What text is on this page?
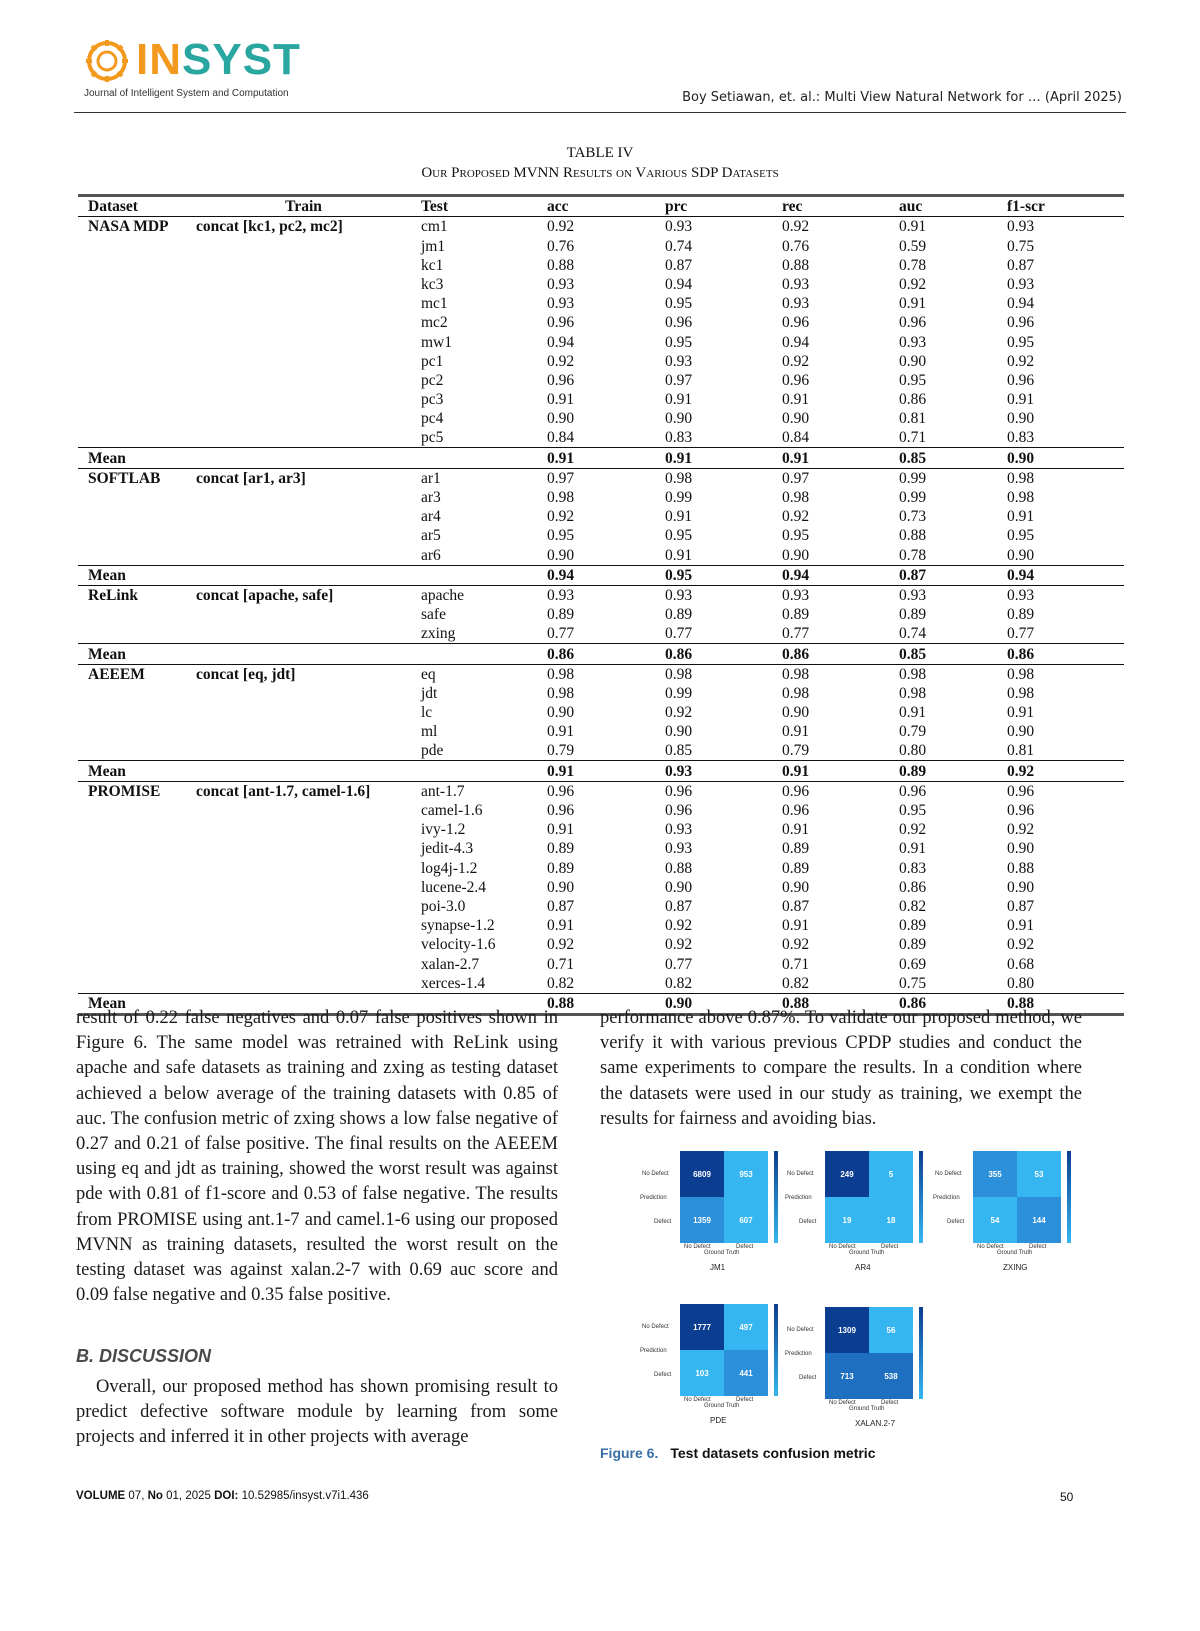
INSYST
Journal of Intelligent System and Computation	Boy Setiawan, et. al.: Multi View Natural Network for … (April 2025)
TABLE IV
Our Proposed MVNN Results on Various SDP Datasets
Dataset	Train	Test	acc	prc	rec	auc	f1-scr
NASA MDP	concat [kc1, pc2, mc2]	cm1	0.92	0.93	0.92	0.91	0.93
		jm1	0.76	0.74	0.76	0.59	0.75
		kc1	0.88	0.87	0.88	0.78	0.87
		kc3	0.93	0.94	0.93	0.92	0.93
		mc1	0.93	0.95	0.93	0.91	0.94
		mc2	0.96	0.96	0.96	0.96	0.96
		mw1	0.94	0.95	0.94	0.93	0.95
		pc1	0.92	0.93	0.92	0.90	0.92
		pc2	0.96	0.97	0.96	0.95	0.96
		pc3	0.91	0.91	0.91	0.86	0.91
		pc4	0.90	0.90	0.90	0.81	0.90
		pc5	0.84	0.83	0.84	0.71	0.83
Mean			0.91	0.91	0.91	0.85	0.90
SOFTLAB	concat [ar1, ar3]	ar1	0.97	0.98	0.97	0.99	0.98
		ar3	0.98	0.99	0.98	0.99	0.98
		ar4	0.92	0.91	0.92	0.73	0.91
		ar5	0.95	0.95	0.95	0.88	0.95
		ar6	0.90	0.91	0.90	0.78	0.90
Mean			0.94	0.95	0.94	0.87	0.94
ReLink	concat [apache, safe]	apache	0.93	0.93	0.93	0.93	0.93
		safe	0.89	0.89	0.89	0.89	0.89
		zxing	0.77	0.77	0.77	0.74	0.77
Mean			0.86	0.86	0.86	0.85	0.86
AEEEM	concat [eq, jdt]	eq	0.98	0.98	0.98	0.98	0.98
		jdt	0.98	0.99	0.98	0.98	0.98
		lc	0.90	0.92	0.90	0.91	0.91
		ml	0.91	0.90	0.91	0.79	0.90
		pde	0.79	0.85	0.79	0.80	0.81
Mean			0.91	0.93	0.91	0.89	0.92
PROMISE	concat [ant-1.7, camel-1.6]	ant-1.7	0.96	0.96	0.96	0.96	0.96
		camel-1.6	0.96	0.96	0.96	0.95	0.96
		ivy-1.2	0.91	0.93	0.91	0.92	0.92
		jedit-4.3	0.89	0.93	0.89	0.91	0.90
		log4j-1.2	0.89	0.88	0.89	0.83	0.88
		lucene-2.4	0.90	0.90	0.90	0.86	0.90
		poi-3.0	0.87	0.87	0.87	0.82	0.87
		synapse-1.2	0.91	0.92	0.91	0.89	0.91
		velocity-1.6	0.92	0.92	0.92	0.89	0.92
		xalan-2.7	0.71	0.77	0.71	0.69	0.68
		xerces-1.4	0.82	0.82	0.82	0.75	0.80
Mean			0.88	0.90	0.88	0.86	0.88

result of 0.22 false negatives and 0.07 false positives shown in Figure 6. The same model was retrained with ReLink using apache and safe datasets as training and zxing as testing dataset achieved a below average of the training datasets with 0.85 of auc. The confusion metric of zxing shows a low false negative of 0.27 and 0.21 of false positive. The final results on the AEEEM using eq and jdt as training, showed the worst result was against pde with 0.81 of f1-score and 0.53 of false negative. The results from PROMISE using ant.1-7 and camel.1-6 using our proposed MVNN as training datasets, resulted the worst result on the testing dataset was against xalan.2-7 with 0.69 auc score and 0.09 false negative and 0.35 false positive.

B. DISCUSSION
Overall, our proposed method has shown promising result to predict defective software module by learning from some projects and inferred it in other projects with average

performance above 0.87%. To validate our proposed method, we verify it with various previous CPDP studies and conduct the same experiments to compare the results. In a condition where the datasets were used in our study as training, we exempt the results for fairness and avoiding bias.

6809	953
1359	607
No Defect
Prediction
Defect
No Defect	Defect
Ground Truth
JM1
249	5
19	18
No Defect
Prediction
Defect
No Defect	Defect
Ground Truth
AR4
355	53
54	144
No Defect
Prediction
Defect
No Defect	Defect
Ground Truth
ZXING
1777	497
103	441
No Defect
Prediction
Defect
No Defect	Defect
Ground Truth
PDE
1309	56
713	538
No Defect
Prediction
Defect
No Defect	Defect
Ground Truth
XALAN.2-7
Figure 6. Test datasets confusion metric
VOLUME 07, No 01, 2025 DOI: 10.52985/insyst.v7i1.436	50
